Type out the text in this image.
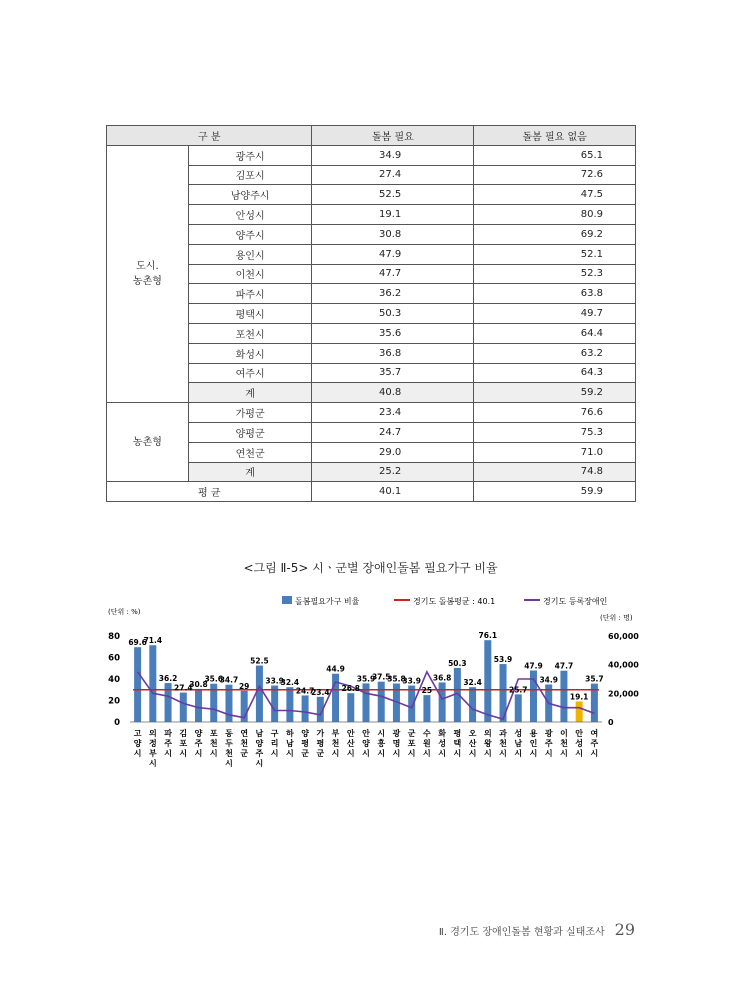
구 분		돌봄 필요	돌봄 필요 없음
도시.
농촌형	광주시	34.9	65.1
	김포시	27.4	72.6
	남양주시	52.5	47.5
	안성시	19.1	80.9
	양주시	30.8	69.2
	용인시	47.9	52.1
	이천시	47.7	52.3
	파주시	36.2	63.8
	평택시	50.3	49.7
	포천시	35.6	64.4
	화성시	36.8	63.2
	여주시	35.7	64.3
	계	40.8	59.2
농촌형	가평군	23.4	76.6
	양평군	24.7	75.3
	연천군	29.0	71.0
	계	25.2	74.8
평 균		40.1	59.9
<그림 Ⅱ-5> 시ㆍ군별 장애인돌봄 필요가구 비율
돌봄필요가구 비율	경기도 돌봄평균 : 40.1	경기도 등록장애인
(단위 : %)
(단위 : 명)
0
20
40
60
80
0
20,000
40,000
60,000
69.6
71.4
36.2
27.4
30.8
35.6
34.7
29
52.5
33.9
32.4
24.7
23.4
44.9
26.8
35.9
37.5
35.8
33.9
25
36.8
50.3
32.4
76.1
53.9
25.7
47.9
34.9
47.7
19.1
35.7
고 양 시
의 정 부 시
파 주 시
김 포 시
양 주 시
포 천 시
동 두 천 시
연 천 군
남 양 주 시
구 리 시
하 남 시
양 평 군
가 평 군
부 천 시
안 산 시
안 양 시
시 흥 시
광 명 시
군 포 시
수 원 시
화 성 시
평 택 시
오 산 시
의 왕 시
과 천 시
성 남 시
용 인 시
광 주 시
이 천 시
안 성 시
여 주 시
Ⅱ. 경기도 장애인돌봄 현황과 실태조사 29
